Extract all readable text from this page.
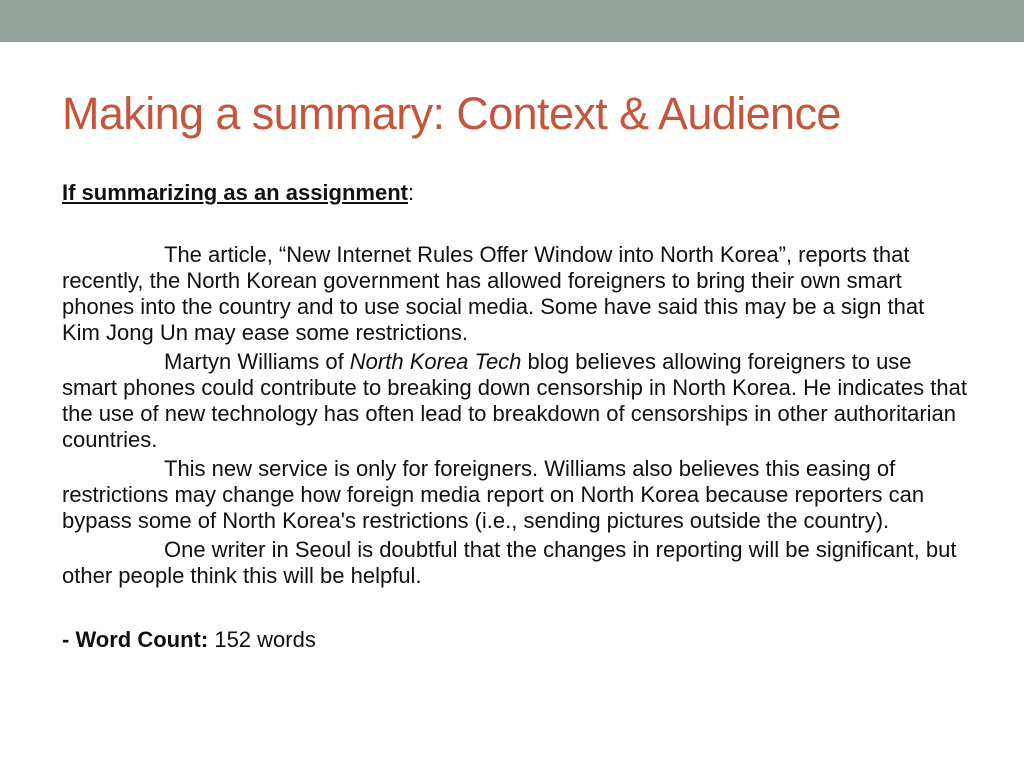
Making a summary: Context & Audience

If summarizing as an assignment:

The article, “New Internet Rules Offer Window into North Korea”, reports that recently, the North Korean government has allowed foreigners to bring their own smart phones into the country and to use social media. Some have said this may be a sign that Kim Jong Un may ease some restrictions.

Martyn Williams of North Korea Tech blog believes allowing foreigners to use smart phones could contribute to breaking down censorship in North Korea. He indicates that the use of new technology has often lead to breakdown of censorships in other authoritarian countries.

This new service is only for foreigners. Williams also believes this easing of restrictions may change how foreign media report on North Korea because reporters can bypass some of North Korea's restrictions (i.e., sending pictures outside the country).

One writer in Seoul is doubtful that the changes in reporting will be significant, but other people think this will be helpful.

- Word Count: 152 words
